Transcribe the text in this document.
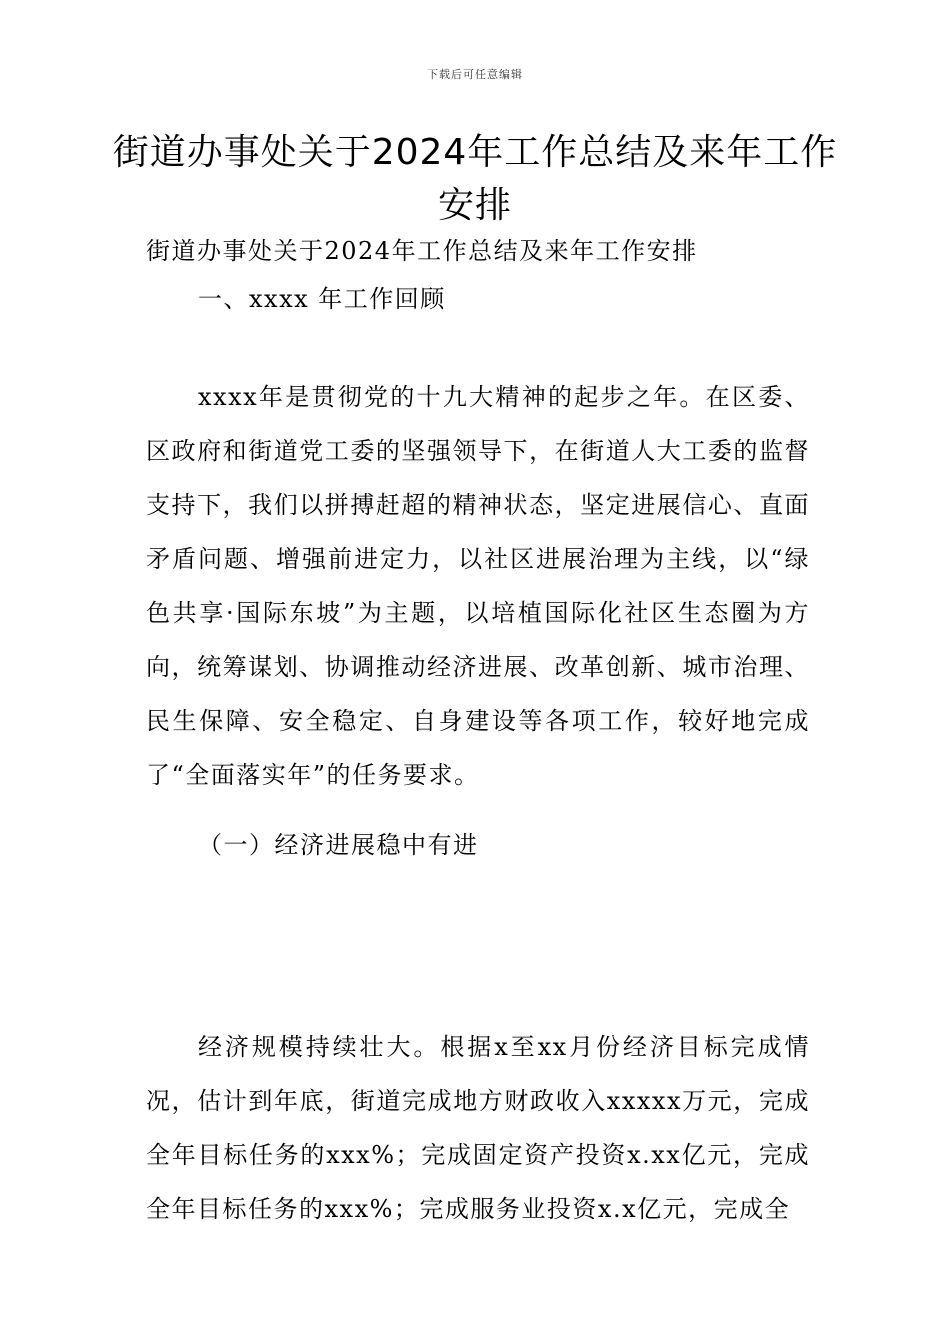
下载后可任意编辑
街道办事处关于2024年工作总结及来年工作安排

街道办事处关于2024年工作总结及来年工作安排

一、xxxx 年工作回顾

xxxx年是贯彻党的十九大精神的起步之年。在区委、区政府和街道党工委的坚强领导下，在街道人大工委的监督支持下，我们以拼搏赶超的精神状态，坚定进展信心、直面矛盾问题、增强前进定力，以社区进展治理为主线，以“绿色共享·国际东坡”为主题，以培植国际化社区生态圈为方向，统筹谋划、协调推动经济进展、改革创新、城市治理、民生保障、安全稳定、自身建设等各项工作，较好地完成了“全面落实年”的任务要求。

（一）经济进展稳中有进

经济规模持续壮大。根据x至xx月份经济目标完成情况，估计到年底，街道完成地方财政收入xxxxx万元，完成全年目标任务的xxx%；完成固定资产投资x.xx亿元，完成全年目标任务的xxx%；完成服务业投资x.x亿元，完成全
